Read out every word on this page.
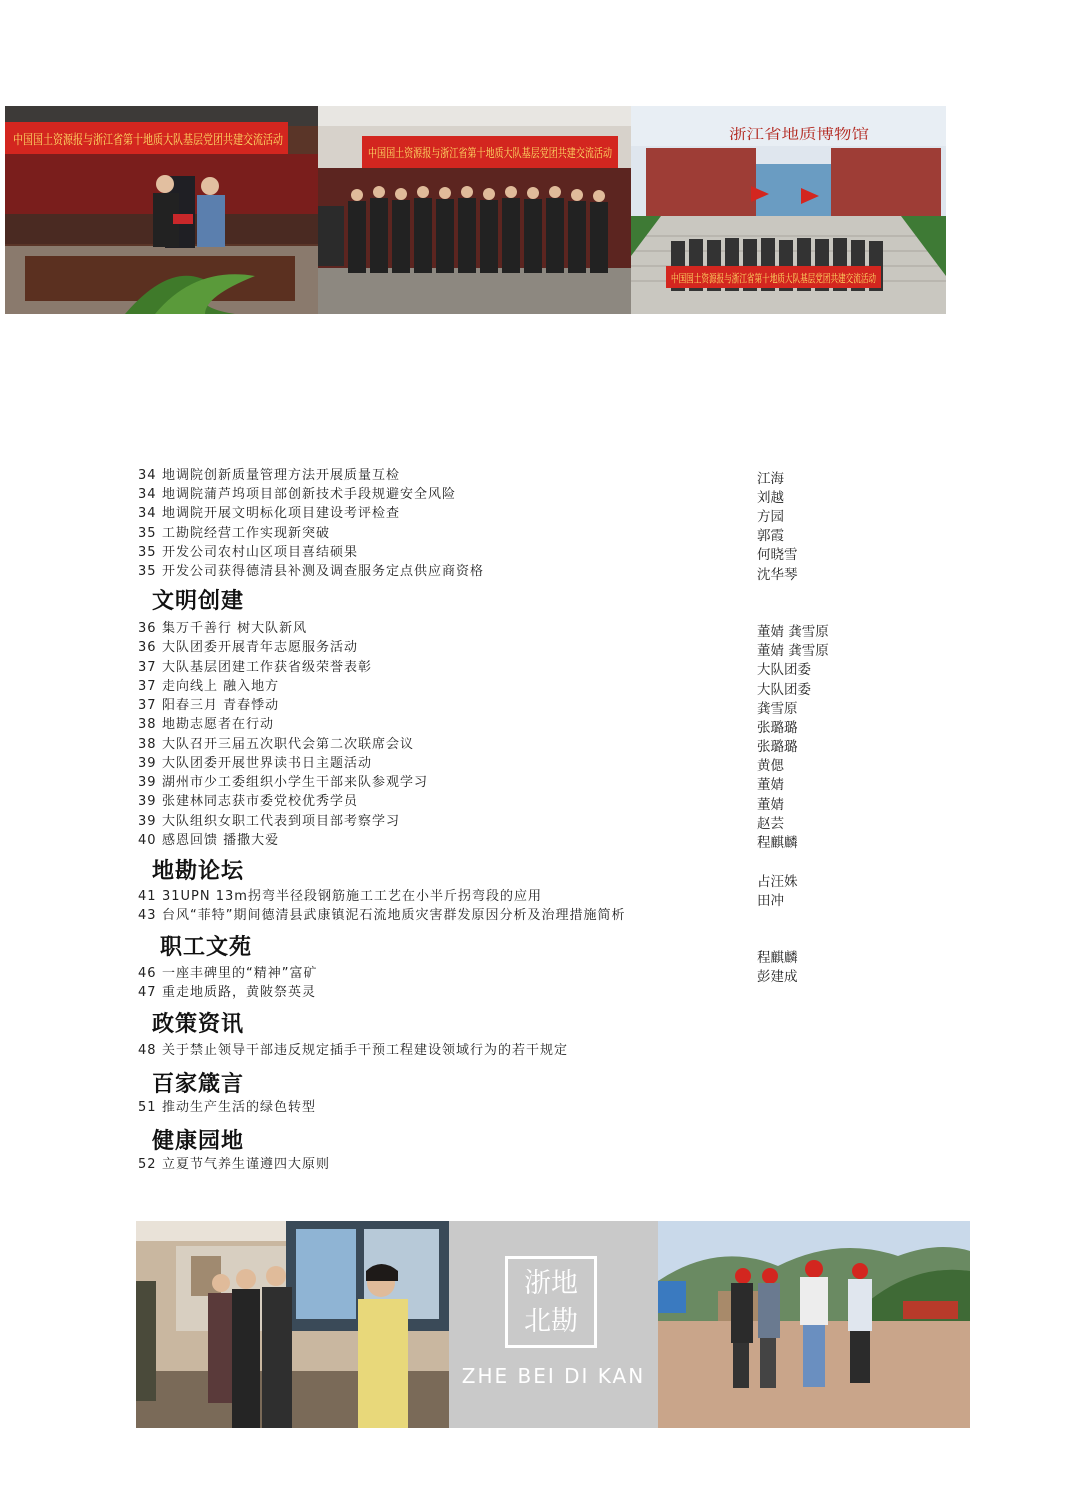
中国国土资源报与浙江省第十地质大队基层党团共建交流活动
中国国土资源报与浙江省第十地质大队基层党团共建交流活动
浙江省地质博物馆
中国国土资源报与浙江省第十地质大队基层党团共建交流活动
34 地调院创新质量管理方法开展质量互检
34 地调院蒲芦坞项目部创新技术手段规避安全风险
34 地调院开展文明标化项目建设考评检查
35 工勘院经营工作实现新突破
35 开发公司农村山区项目喜结硕果
35 开发公司获得德清县补测及调查服务定点供应商资格
文明创建
36 集万千善行 树大队新风
36 大队团委开展青年志愿服务活动
37 大队基层团建工作获省级荣誉表彰
37 走向线上 融入地方
37 阳春三月 青春悸动
38 地勘志愿者在行动
38 大队召开三届五次职代会第二次联席会议
39 大队团委开展世界读书日主题活动
39 湖州市少工委组织小学生干部来队参观学习
39 张建林同志获市委党校优秀学员
39 大队组织女职工代表到项目部考察学习
40 感恩回馈 播撒大爱
地勘论坛
41 31UPN 13m拐弯半径段钢筋施工工艺在小半斤拐弯段的应用
43 台风“菲特”期间德清县武康镇泥石流地质灾害群发原因分析及治理措施简析
职工文苑
46 一座丰碑里的“精神”富矿
47 重走地质路，黄陂祭英灵
政策资讯
48 关于禁止领导干部违反规定插手干预工程建设领域行为的若干规定
百家箴言
51 推动生产生活的绿色转型
健康园地
52 立夏节气养生谨遵四大原则
江海
刘越
方园
郭霞
何晓雪
沈华琴
董婧 龚雪原
董婧 龚雪原
大队团委
大队团委
龚雪原
张璐璐
张璐璐
黄偲
董婧
董婧
赵芸
程麒麟
占汪姝
田冲
程麒麟
彭建成
浙地
北勘
ZHE BEI DI KAN
